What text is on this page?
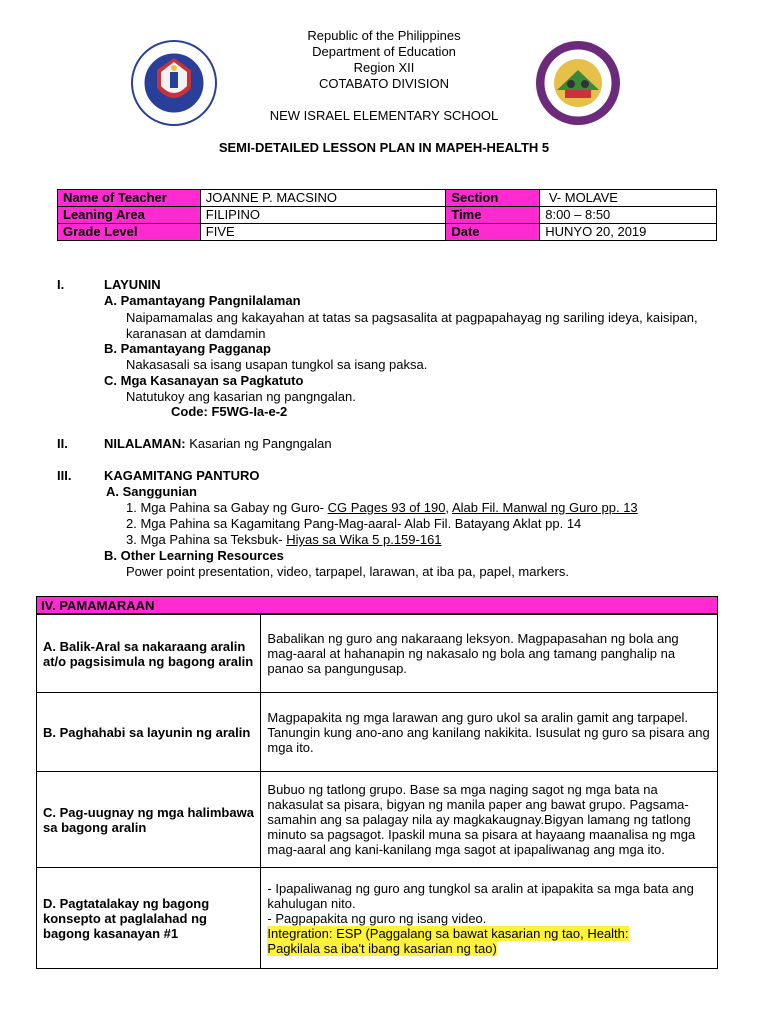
Republic of the Philippines
Department of Education
Region XII
COTABATO DIVISION
NEW ISRAEL ELEMENTARY SCHOOL
SEMI-DETAILED LESSON PLAN IN MAPEH-HEALTH 5
Name of Teacher	JOANNE P. MACSINO	Section	V- MOLAVE
Leaning Area	FILIPINO	Time	8:00 – 8:50
Grade Level	FIVE	Date	HUNYO 20, 2019
I.	LAYUNIN
A. Pamantayang Pangnilalaman
Naipamamalas ang kakayahan at tatas sa pagsasalita at pagpapahayag ng sariling ideya, kaisipan,
karanasan at damdamin
B. Pamantayang Pagganap
Nakasasali sa isang usapan tungkol sa isang paksa.
C. Mga Kasanayan sa Pagkatuto
Natutukoy ang kasarian ng pangngalan.
Code: F5WG-Ia-e-2
II.	NILALAMAN: Kasarian ng Pangngalan
III.	KAGAMITANG PANTURO
A. Sanggunian
1. Mga Pahina sa Gabay ng Guro- CG Pages 93 of 190, Alab Fil. Manwal ng Guro pp. 13
2. Mga Pahina sa Kagamitang Pang-Mag-aaral- Alab Fil. Batayang Aklat pp. 14
3. Mga Pahina sa Teksbuk- Hiyas sa Wika 5 p.159-161
B. Other Learning Resources
Power point presentation, video, tarpapel, larawan, at iba pa, papel, markers.
IV. PAMAMARAAN
A. Balik-Aral sa nakaraang aralin at/o pagsisimula ng bagong aralin	Babalikan ng guro ang nakaraang leksyon. Magpapasahan ng bola ang mag-aaral at hahanapin ng nakasalo ng bola ang tamang panghalip na panao sa pangungusap.
B. Paghahabi sa layunin ng aralin	Magpapakita ng mga larawan ang guro ukol sa aralin gamit ang tarpapel. Tanungin kung ano-ano ang kanilang nakikita. Isusulat ng guro sa pisara ang mga ito.
C. Pag-uugnay ng mga halimbawa sa bagong aralin	Bubuo ng tatlong grupo. Base sa mga naging sagot ng mga bata na nakasulat sa pisara, bigyan ng manila paper ang bawat grupo. Pagsama-samahin ang sa palagay nila ay magkakaugnay.Bigyan lamang ng tatlong minuto sa pagsagot. Ipaskil muna sa pisara at hayaang maanalisa ng mga mag-aaral ang kani-kanilang mga sagot at ipapaliwanag ang mga ito.
D. Pagtatalakay ng bagong konsepto at paglalahad ng bagong kasanayan #1	- Ipapaliwanag ng guro ang tungkol sa aralin at ipapakita sa mga bata ang kahulugan nito.
- Pagpapakita ng guro ng isang video.
Integration: ESP (Paggalang sa bawat kasarian ng tao, Health:
Pagkilala sa iba't ibang kasarian ng tao)
